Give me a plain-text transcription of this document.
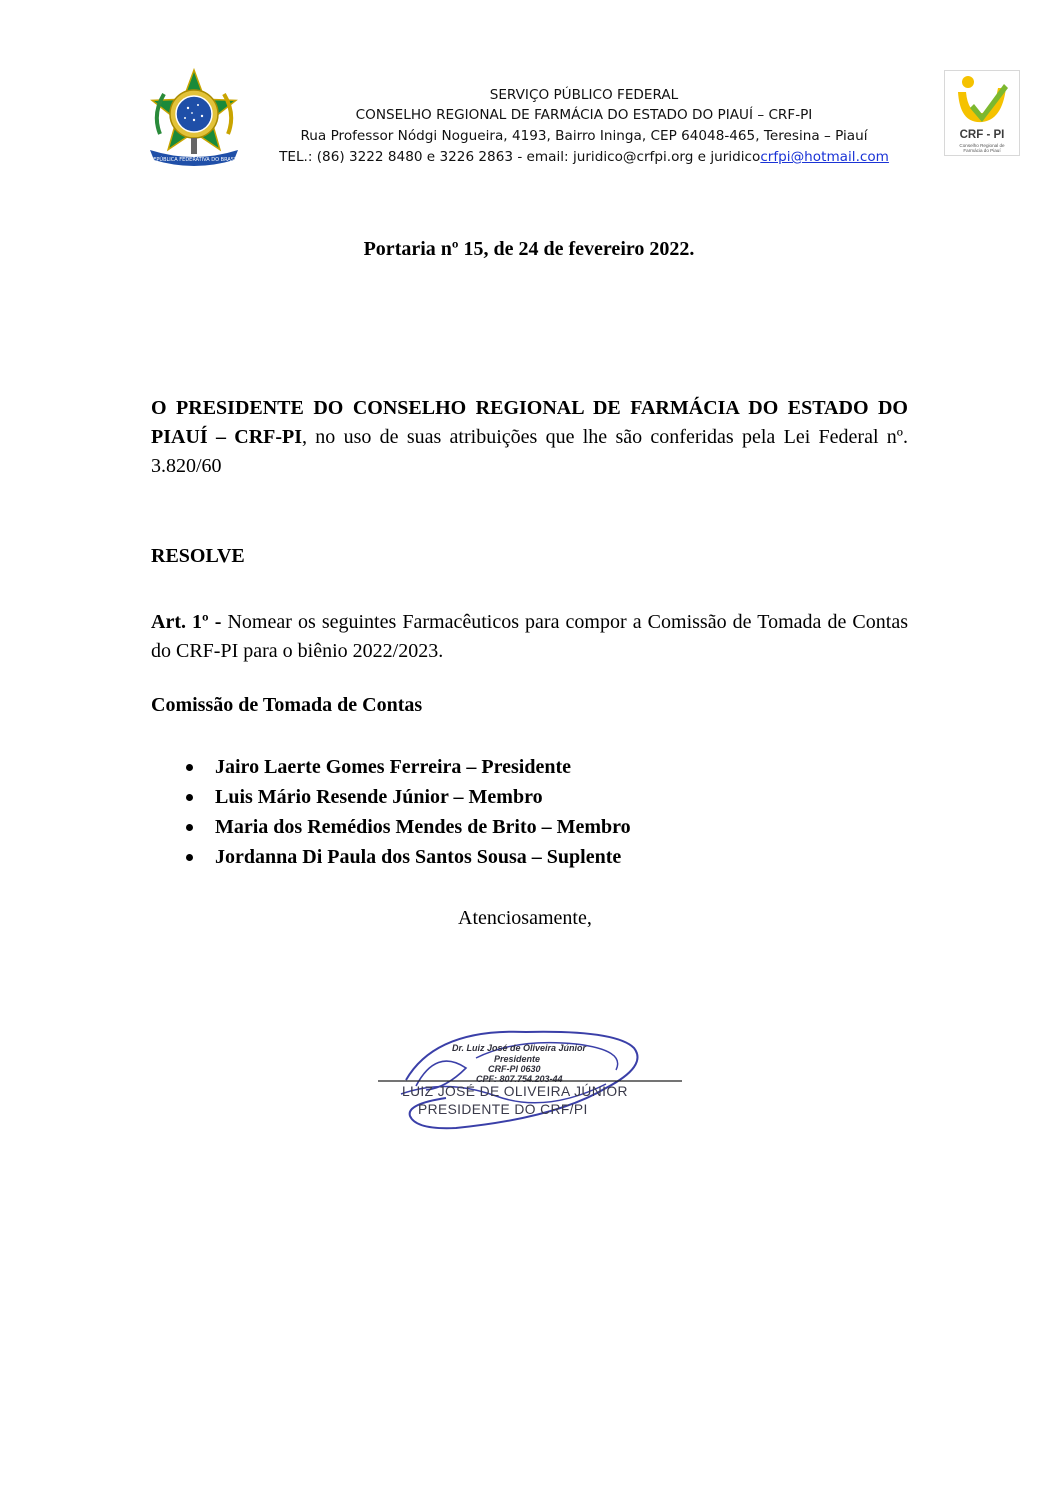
REPÚBLICA FEDERATIVA DO BRASIL
SERVIÇO PÚBLICO FEDERAL
CONSELHO REGIONAL DE FARMÁCIA DO ESTADO DO PIAUÍ – CRF-PI
Rua Professor Nódgi Nogueira, 4193, Bairro Ininga, CEP 64048-465, Teresina – Piauí
TEL.: (86) 3222 8480 e 3226 2863 - email: juridico@crfpi.org e juridicocrfpi@hotmail.com
CRF - PI
Conselho Regional de
Farmácia do Piauí
Portaria nº 15, de 24 de fevereiro 2022.
O PRESIDENTE DO CONSELHO REGIONAL DE FARMÁCIA DO ESTADO DO PIAUÍ – CRF-PI, no uso de suas atribuições que lhe são conferidas pela Lei Federal nº. 3.820/60
RESOLVE
Art. 1º - Nomear os seguintes Farmacêuticos para compor a Comissão de Tomada de Contas do CRF-PI para o biênio 2022/2023.
Comissão de Tomada de Contas
Jairo Laerte Gomes Ferreira – Presidente
Luis Mário Resende Júnior – Membro
Maria dos Remédios Mendes de Brito – Membro
Jordanna Di Paula dos Santos Sousa – Suplente
Atenciosamente,
Dr. Luiz José de Oliveira Júnior
Presidente
CRF-PI 0630
CPF: 807.754.203-44
LUIZ JOSÉ DE OLIVEIRA JÚNIOR
PRESIDENTE DO CRF/PI
